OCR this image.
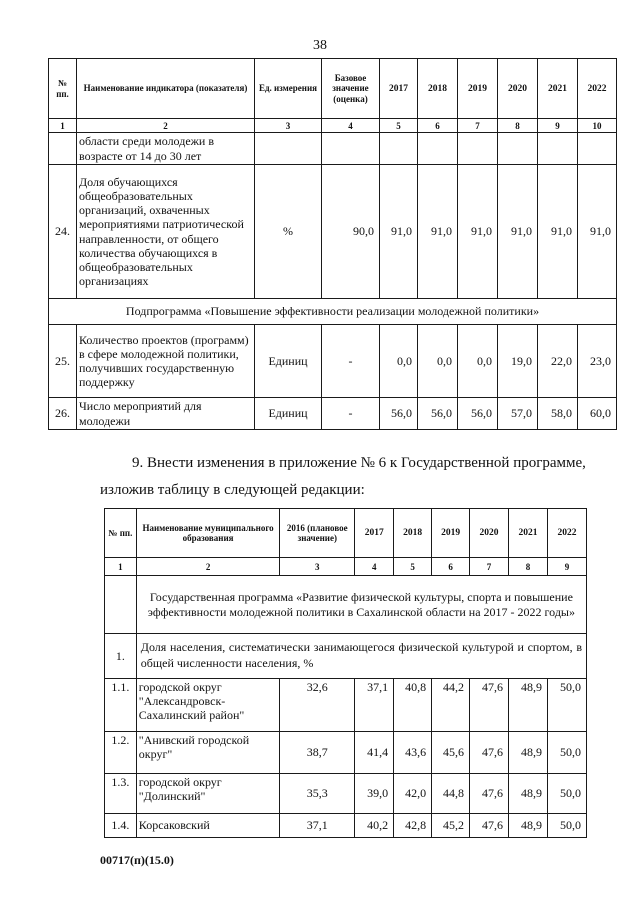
38
№ пп.	Наименование индикатора (показателя)	Ед. измерения	Базовое значение (оценка)	2017	2018	2019	2020	2021	2022
1	2	3	4	5	6	7	8	9	10
	области среди молодежи в возрасте от 14 до 30 лет								
24.	Доля обучающихся общеобразовательных организаций, охваченных мероприятиями патриотической направленности, от общего количества обучающихся в общеобразовательных организациях	%	90,0	91,0	91,0	91,0	91,0	91,0	91,0
Подпрограмма «Повышение эффективности реализации молодежной политики»									
25.	Количество проектов (программ) в сфере молодежной политики, получивших государственную поддержку	Единиц	-	0,0	0,0	0,0	19,0	22,0	23,0
26.	Число мероприятий для молодежи	Единиц	-	56,0	56,0	56,0	57,0	58,0	60,0
9. Внести изменения в приложение № 6 к Государственной программе,
изложив таблицу в следующей редакции:
№ пп.	Наименование муниципального образования	2016 (плановое значение)	2017	2018	2019	2020	2021	2022
1	2	3	4	5	6	7	8	9
	Государственная программа «Развитие физической культуры, спорта и повышение эффективности молодежной политики в Сахалинской области на 2017 - 2022 годы»							
1.	Доля населения, систематически занимающегося физической культурой и спортом, в общей численности населения, %							
1.1.	городской округ "Александровск-Сахалинский район"	32,6	37,1	40,8	44,2	47,6	48,9	50,0
1.2.	"Анивский городской округ"	38,7	41,4	43,6	45,6	47,6	48,9	50,0
1.3.	городской округ "Долинский"	35,3	39,0	42,0	44,8	47,6	48,9	50,0
1.4.	Корсаковский	37,1	40,2	42,8	45,2	47,6	48,9	50,0
00717(п)(15.0)
